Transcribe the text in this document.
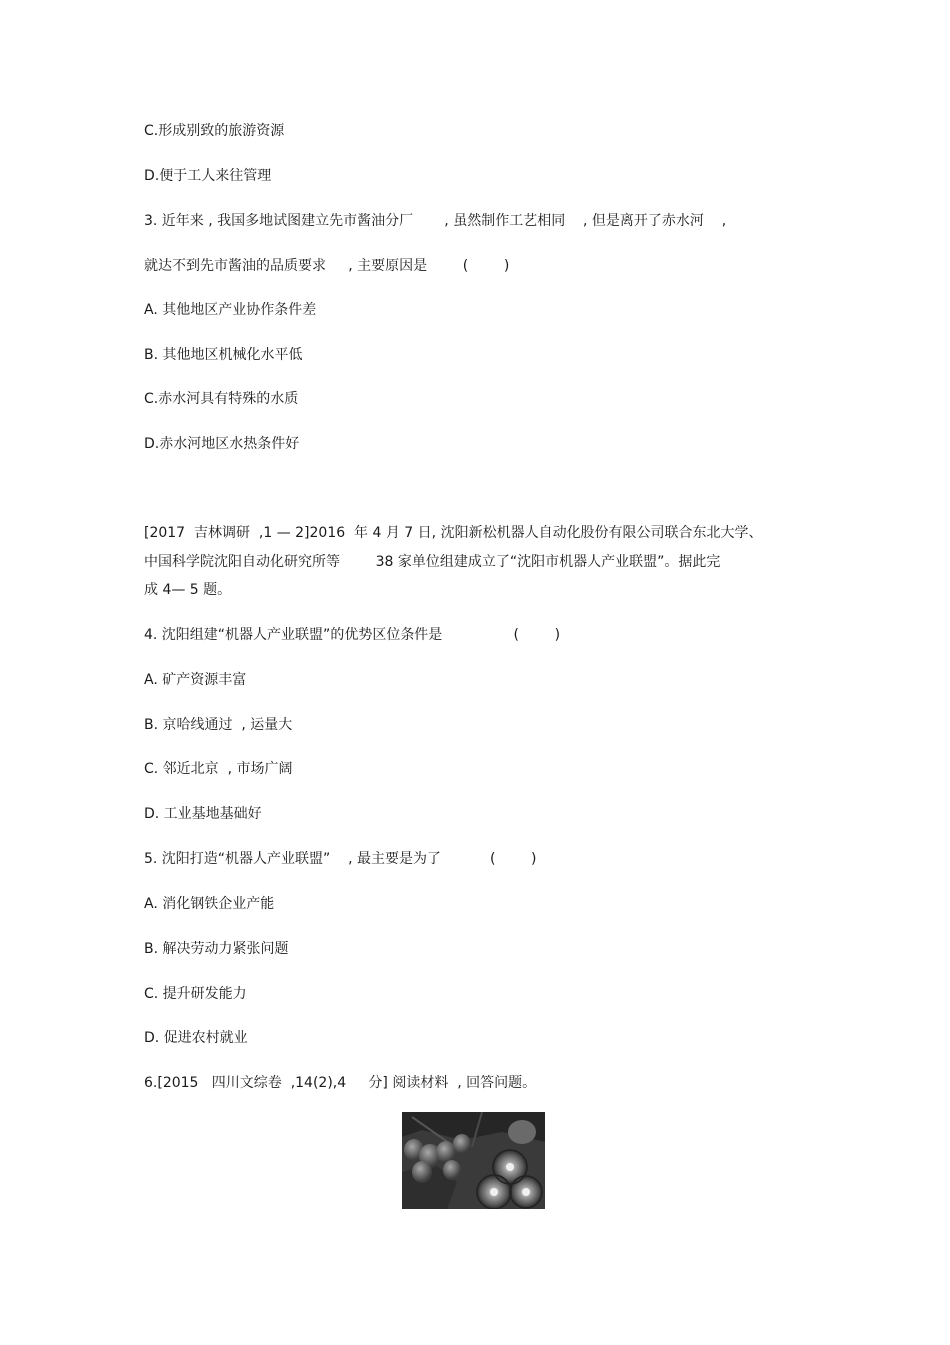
C.形成别致的旅游资源
D.便于工人来往管理
3. 近年来 , 我国多地试图建立先市酱油分厂       , 虽然制作工艺相同    , 但是离开了赤水河    ,
就达不到先市酱油的品质要求     , 主要原因是        (        )
A. 其他地区产业协作条件差
B. 其他地区机械化水平低
C.赤水河具有特殊的水质
D.赤水河地区水热条件好
[2017  吉林调研  ,1 — 2]2016  年 4 月 7 日, 沈阳新松机器人自动化股份有限公司联合东北大学、
中国科学院沈阳自动化研究所等        38 家单位组建成立了“沈阳市机器人产业联盟”。据此完
成 4— 5 题。
4. 沈阳组建“机器人产业联盟”的优势区位条件是                (        )
A. 矿产资源丰富
B. 京哈线通过  , 运量大
C. 邻近北京  , 市场广阔
D. 工业基地基础好
5. 沈阳打造“机器人产业联盟”    , 最主要是为了           (        )
A. 消化钢铁企业产能
B. 解决劳动力紧张问题
C. 提升研发能力
D. 促进农村就业
6.[2015   四川文综卷  ,14(2),4     分] 阅读材料  , 回答问题。
